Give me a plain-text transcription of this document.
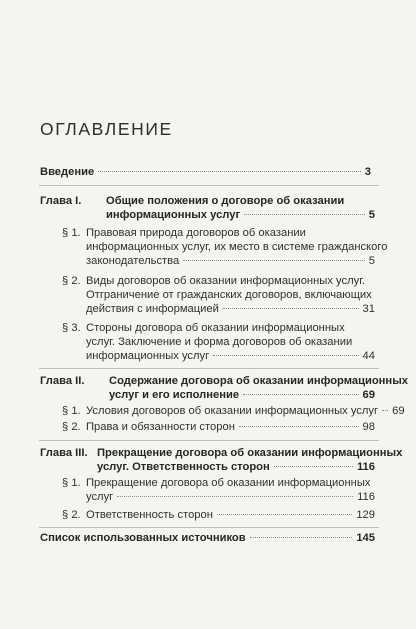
ОГЛАВЛЕНИЕ
Введение	3
Глава I. Общие положения о договоре об оказании
информационных услуг	5
§ 1. Правовая природа договоров об оказании
информационных услуг, их место в системе гражданского
законодательства	5
§ 2. Виды договоров об оказании информационных услуг.
Отграничение от гражданских договоров, включающих
действия с информацией	31
§ 3. Стороны договора об оказании информационных
услуг. Заключение и форма договоров об оказании
информационных услуг	44
Глава II. Содержание договора об оказании информационных
услуг и его исполнение	69
§ 1. Условия договоров об оказании информационных услуг 69
§ 2. Права и обязанности сторон	98
Глава III. Прекращение договора об оказании информационных
услуг. Ответственность сторон	116
§ 1. Прекращение договора об оказании информационных
услуг	116
§ 2. Ответственность сторон	129
Список использованных источников	145
